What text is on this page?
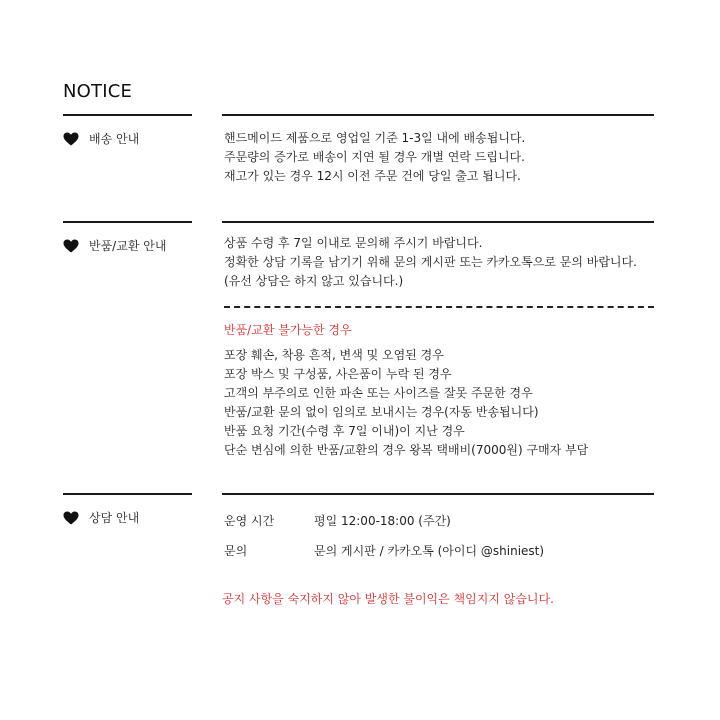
NOTICE
배송 안내	핸드메이드 제품으로 영업일 기준 1-3일 내에 배송됩니다.
주문량의 증가로 배송이 지연 될 경우 개별 연락 드립니다.
재고가 있는 경우 12시 이전 주문 건에 당일 출고 됩니다.
반품/교환 안내	상품 수령 후 7일 이내로 문의해 주시기 바랍니다.
정확한 상담 기록을 남기기 위해 문의 게시판 또는 카카오톡으로 문의 바랍니다.
(유선 상담은 하지 않고 있습니다.)
반품/교환 불가능한 경우
포장 훼손, 착용 흔적, 변색 및 오염된 경우
포장 박스 및 구성품, 사은품이 누락 된 경우
고객의 부주의로 인한 파손 또는 사이즈를 잘못 주문한 경우
반품/교환 문의 없이 임의로 보내시는 경우(자동 반송됩니다)
반품 요청 기간(수령 후 7일 이내)이 지난 경우
단순 변심에 의한 반품/교환의 경우 왕복 택배비(7000원) 구매자 부담
상담 안내	운영 시간	평일 12:00-18:00 (주간)
문의	문의 게시판 / 카카오톡 (아이디 @shiniest)
공지 사항을 숙지하지 않아 발생한 불이익은 책임지지 않습니다.
